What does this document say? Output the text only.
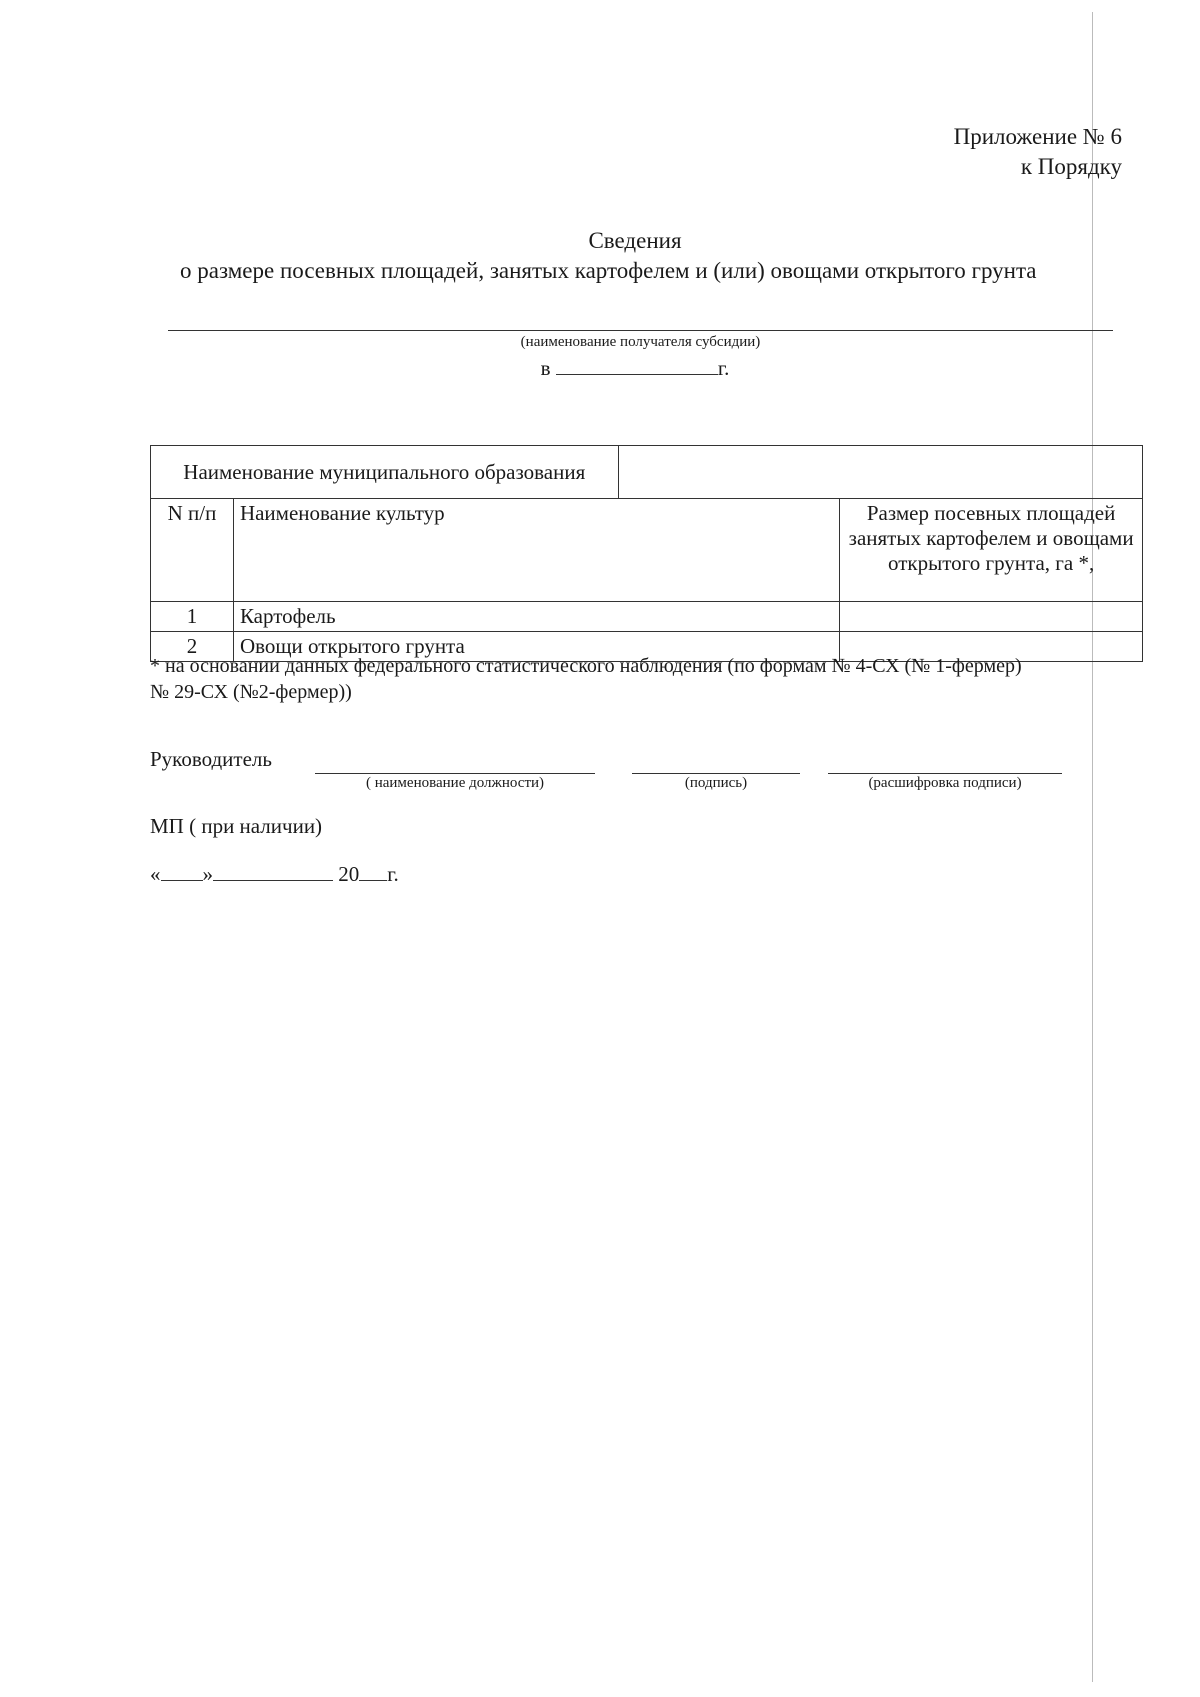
Приложение № 6
к Порядку
Сведения
о размере посевных площадей, занятых картофелем и (или) овощами открытого грунта
(наименование получателя субсидии)
в	г.
Наименование муниципального образования			
N п/п	Наименование культур		Размер посевных площадей занятых картофелем и овощами открытого грунта, га *,
1	Картофель		
2	Овощи открытого грунта		
* на основании данных федерального статистического наблюдения (по формам № 4-СХ (№ 1-фермер)
№ 29-СХ (№2-фермер))
Руководитель
( наименование должности)	(подпись)	(расшифровка подписи)
МП ( при наличии)
« »	20 г.
